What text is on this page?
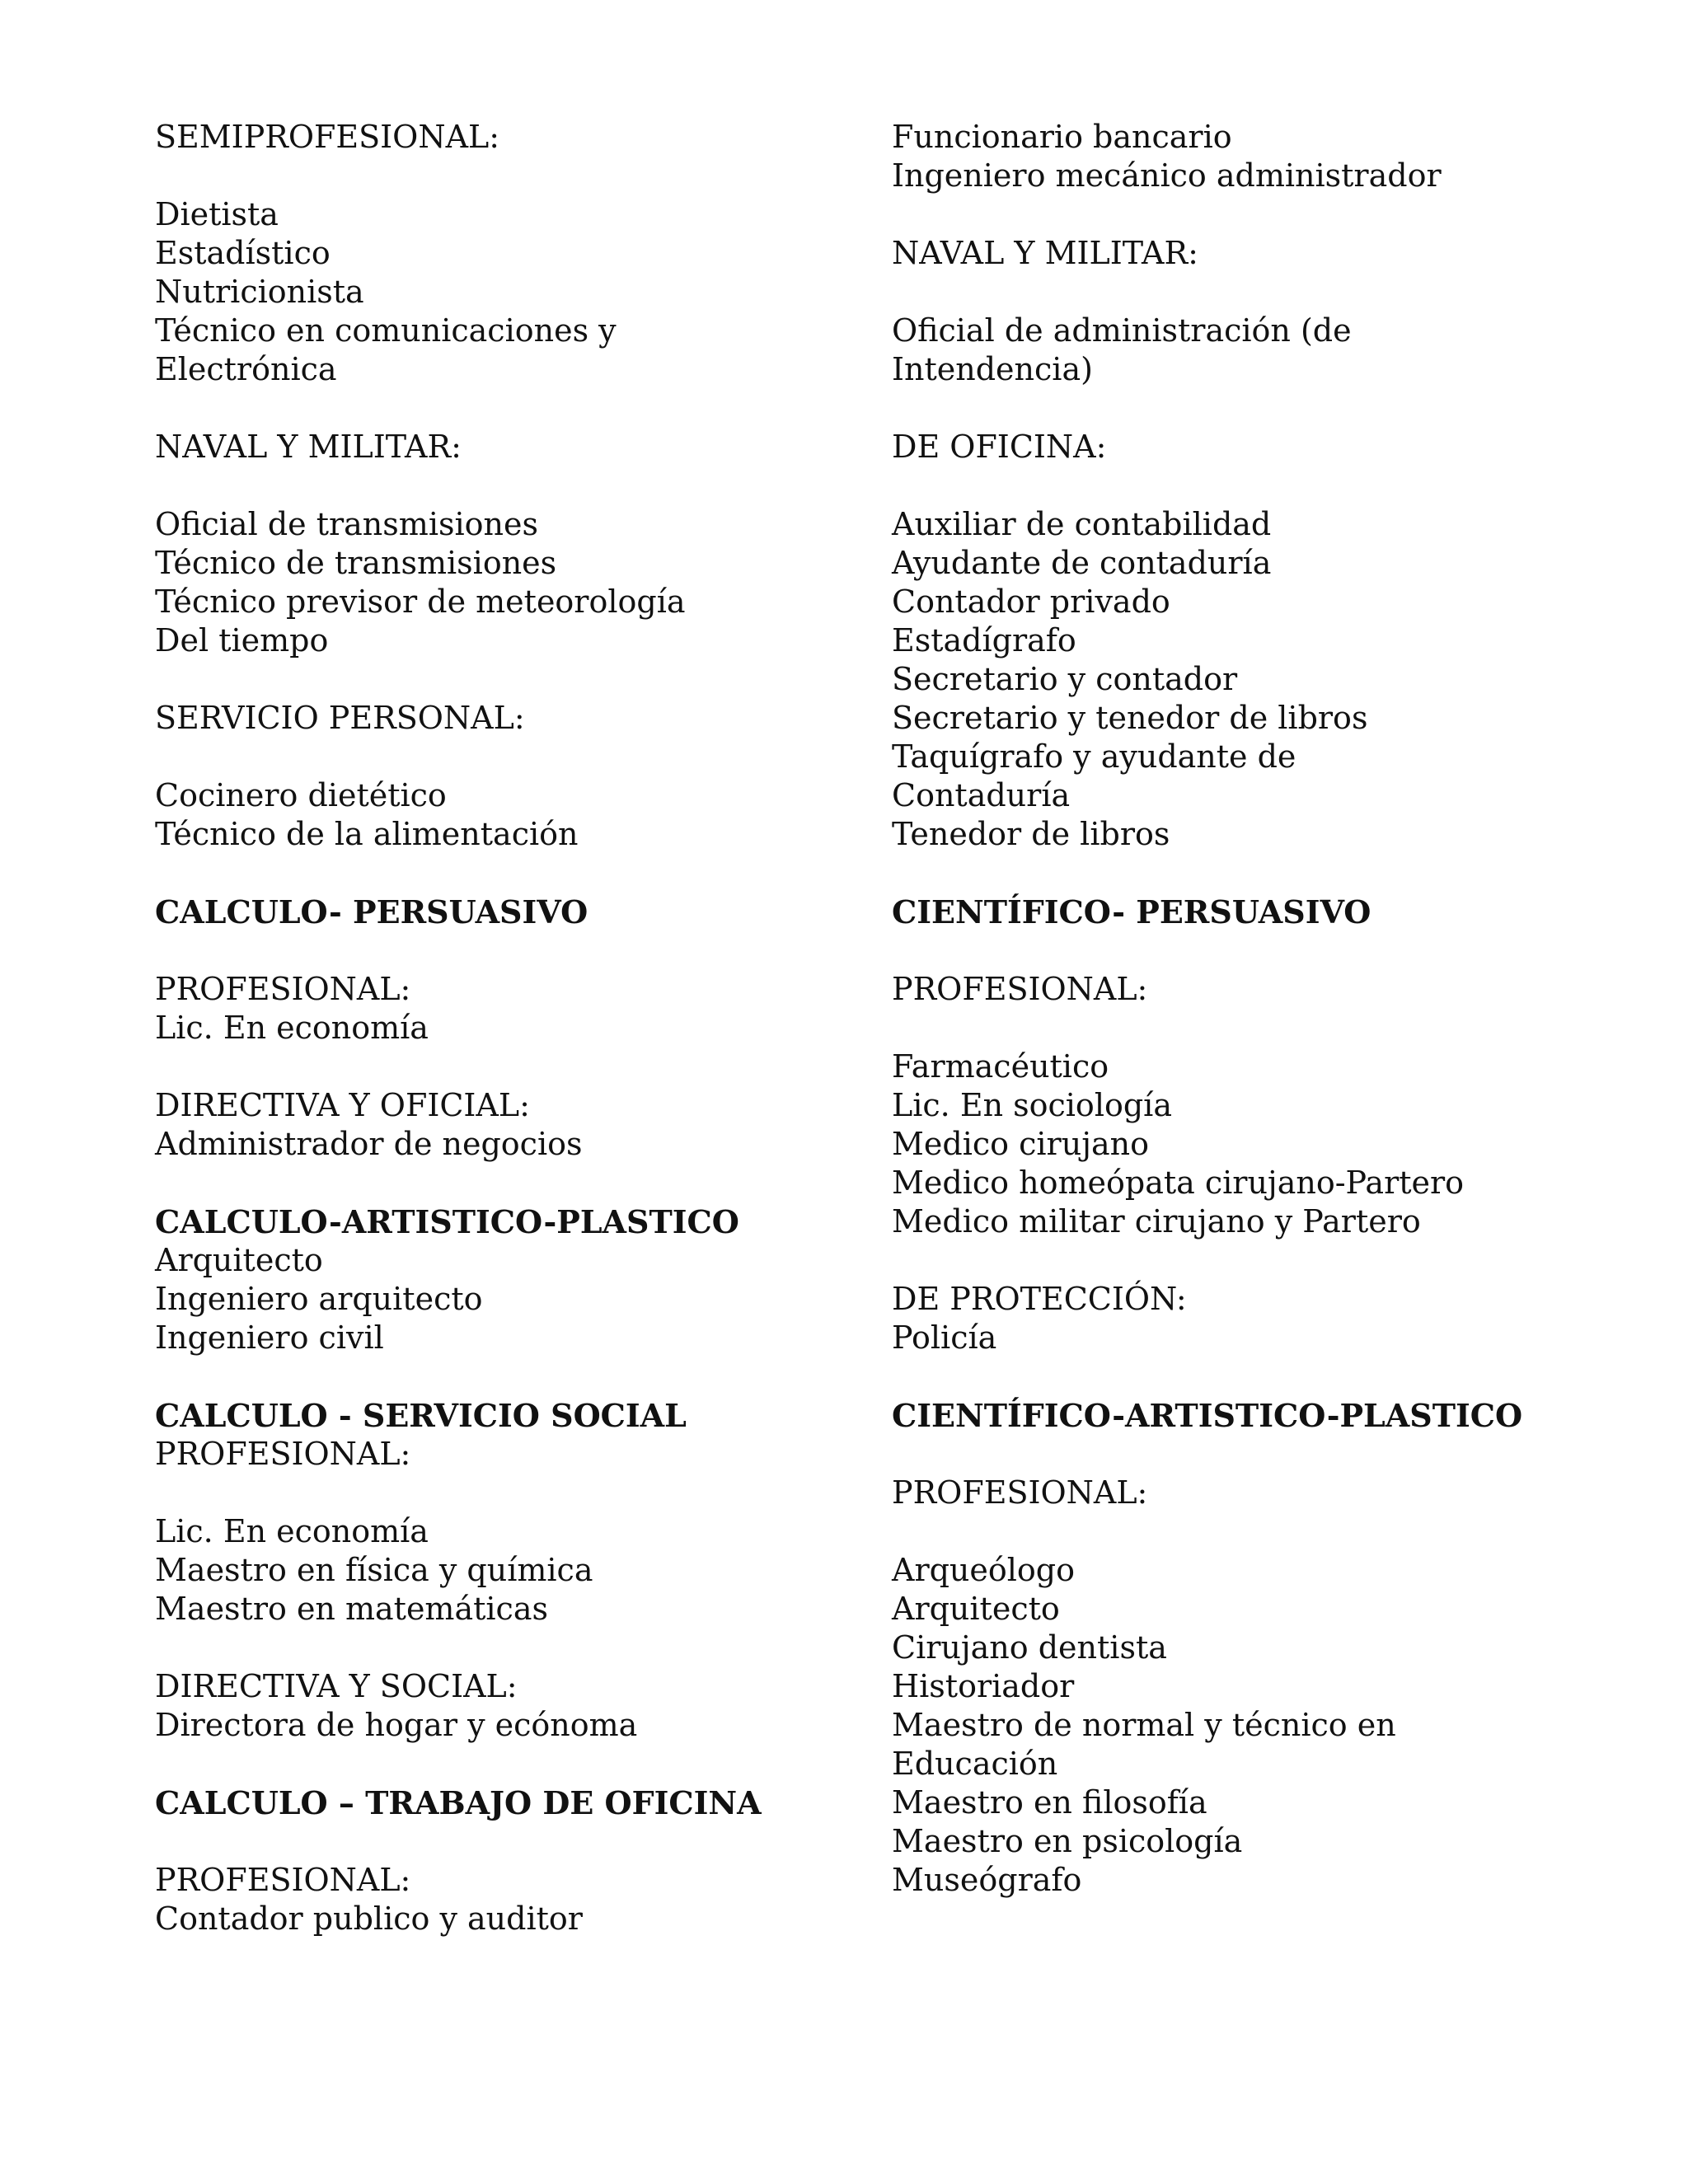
SEMIPROFESIONAL:
Dietista
Estadístico
Nutricionista
Técnico en comunicaciones y
Electrónica
NAVAL Y MILITAR:
Oficial de transmisiones
Técnico de transmisiones
Técnico previsor de meteorología
Del tiempo
SERVICIO PERSONAL:
Cocinero dietético
Técnico de la alimentación
CALCULO- PERSUASIVO
PROFESIONAL:
Lic. En economía
DIRECTIVA Y OFICIAL:
Administrador de negocios
CALCULO-ARTISTICO-PLASTICO
Arquitecto
Ingeniero arquitecto
Ingeniero civil
CALCULO - SERVICIO SOCIAL
PROFESIONAL:
Lic. En economía
Maestro en física y química
Maestro en matemáticas
DIRECTIVA Y SOCIAL:
Directora de hogar y ecónoma
CALCULO – TRABAJO DE OFICINA
PROFESIONAL:
Contador publico y auditor
Funcionario bancario
Ingeniero mecánico administrador
NAVAL Y MILITAR:
Oficial de administración (de
Intendencia)
DE OFICINA:
Auxiliar de contabilidad
Ayudante de contaduría
Contador privado
Estadígrafo
Secretario y contador
Secretario y tenedor de libros
Taquígrafo y ayudante de
Contaduría
Tenedor de libros
CIENTÍFICO- PERSUASIVO
PROFESIONAL:
Farmacéutico
Lic. En sociología
Medico cirujano
Medico homeópata cirujano-Partero
Medico militar cirujano y Partero
DE PROTECCIÓN:
Policía
CIENTÍFICO-ARTISTICO-PLASTICO
PROFESIONAL:
Arqueólogo
Arquitecto
Cirujano dentista
Historiador
Maestro de normal y técnico en
Educación
Maestro en filosofía
Maestro en psicología
Museógrafo
